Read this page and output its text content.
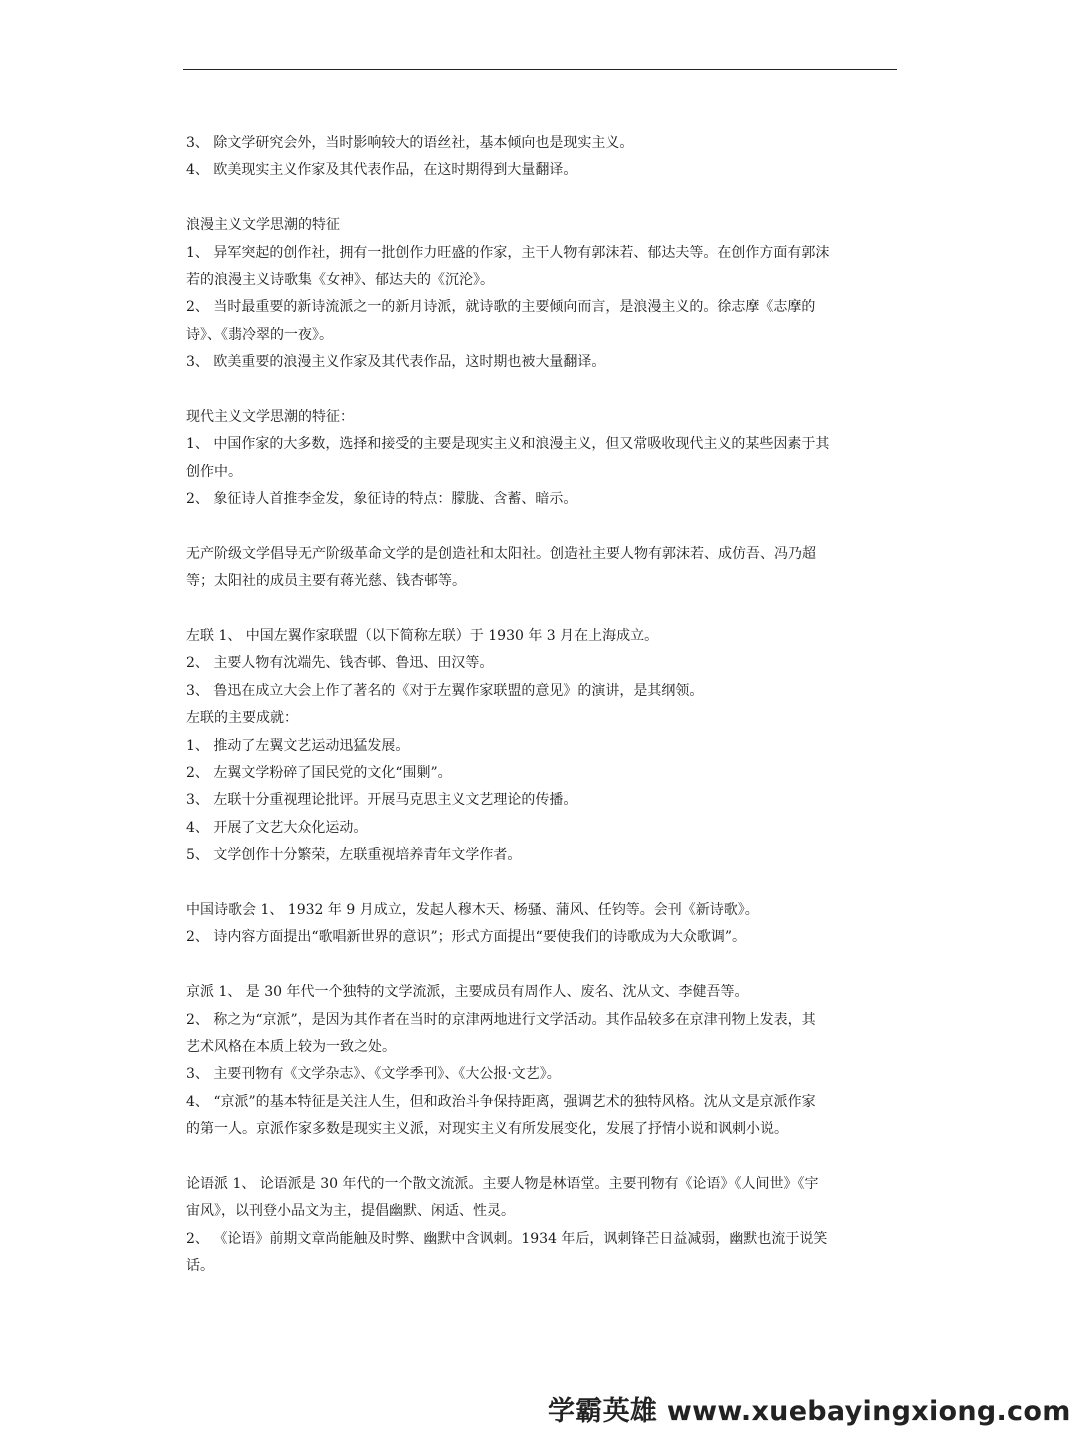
3、 除文学研究会外，当时影响较大的语丝社，基本倾向也是现实主义。
4、 欧美现实主义作家及其代表作品，在这时期得到大量翻译。
浪漫主义文学思潮的特征
1、 异军突起的创作社，拥有一批创作力旺盛的作家，主干人物有郭沫若、郁达夫等。在创作方面有郭沫
若的浪漫主义诗歌集《女神》、郁达夫的《沉沦》。
2、 当时最重要的新诗流派之一的新月诗派，就诗歌的主要倾向而言，是浪漫主义的。徐志摩《志摩的
诗》、《翡冷翠的一夜》。
3、 欧美重要的浪漫主义作家及其代表作品，这时期也被大量翻译。
现代主义文学思潮的特征：
1、 中国作家的大多数，选择和接受的主要是现实主义和浪漫主义，但又常吸收现代主义的某些因素于其
创作中。
2、 象征诗人首推李金发，象征诗的特点：朦胧、含蓄、暗示。
无产阶级文学倡导无产阶级革命文学的是创造社和太阳社。创造社主要人物有郭沫若、成仿吾、冯乃超
等；太阳社的成员主要有蒋光慈、钱杏邨等。
左联 1、 中国左翼作家联盟（以下简称左联）于 1930 年 3 月在上海成立。
2、 主要人物有沈端先、钱杏邨、鲁迅、田汉等。
3、 鲁迅在成立大会上作了著名的《对于左翼作家联盟的意见》的演讲，是其纲领。
左联的主要成就：
1、 推动了左翼文艺运动迅猛发展。
2、 左翼文学粉碎了国民党的文化“围剿”。
3、 左联十分重视理论批评。开展马克思主义文艺理论的传播。
4、 开展了文艺大众化运动。
5、 文学创作十分繁荣，左联重视培养青年文学作者。
中国诗歌会 1、 1932 年 9 月成立，发起人穆木天、杨骚、蒲风、任钧等。会刊《新诗歌》。
2、 诗内容方面提出“歌唱新世界的意识”；形式方面提出“要使我们的诗歌成为大众歌调”。
京派 1、 是 30 年代一个独特的文学流派，主要成员有周作人、废名、沈从文、李健吾等。
2、 称之为“京派”，是因为其作者在当时的京津两地进行文学活动。其作品较多在京津刊物上发表，其
艺术风格在本质上较为一致之处。
3、 主要刊物有《文学杂志》、《文学季刊》、《大公报·文艺》。
4、 “京派”的基本特征是关注人生，但和政治斗争保持距离，强调艺术的独特风格。沈从文是京派作家
的第一人。京派作家多数是现实主义派，对现实主义有所发展变化，发展了抒情小说和讽刺小说。
论语派 1、 论语派是 30 年代的一个散文流派。主要人物是林语堂。主要刊物有《论语》《人间世》《宇
宙风》，以刊登小品文为主，提倡幽默、闲适、性灵。
2、 《论语》前期文章尚能触及时弊、幽默中含讽刺。1934 年后，讽刺锋芒日益减弱，幽默也流于说笑
话。
学霸英雄 www.xuebayingxiong.com
